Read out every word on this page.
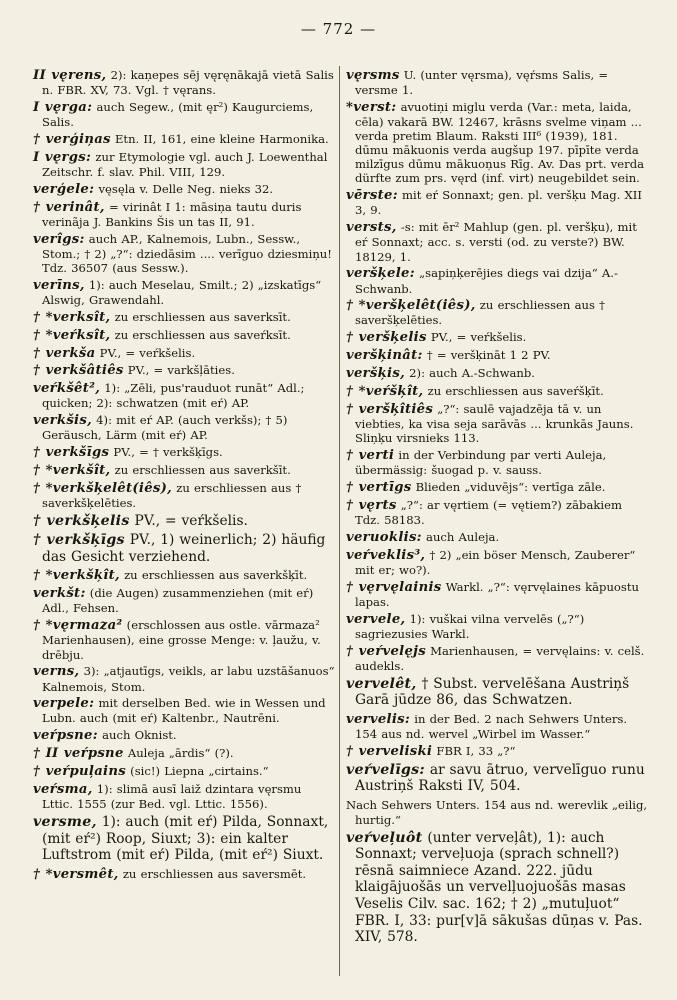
— 772 —
II vęrens, 2): kaņepes sēj vęręnākajā vietā Salis n. FBR. XV, 73. Vgl. † vęrans.
I vęrga: auch Segew., (mit ęr²) Kaugurciems, Salis.
† verģiņas Etn. II, 161, eine kleine Harmonika.
I vęrgs: zur Etymologie vgl. auch J. Loewenthal Zeitschr. f. slav. Phil. VIII, 129.
verģele: vęsęla v. Delle Neg. nieks 32.
† verinât, = virinât I 1: māsiņa tautu duris verinãja J. Bankins Šis un tas II, 91.
verîgs: auch AP., Kalnemois, Lubn., Sessw., Stom.; † 2) „?“: dziedāsim .... verīguo dziesmiņu! Tdz. 36507 (aus Sessw.).
verīns, 1): auch Meselau, Smilt.; 2) „izskatīgs“ Alswig, Grawendahl.
† *verksît, zu erschliessen aus saverksīt.
† *veŕksît, zu erschliessen aus saveŕksīt.
† verkša PV., = veŕkšelis.
† verkšâtiês PV., = varkšļāties.
veŕkšêt², 1): „Zēli, pus'rauduot runāt“ Adl.; quicken; 2): schwatzen (mit eŕ) AP.
verkšis, 4): mit eŕ AP. (auch verkšs); † 5) Geräusch, Lärm (mit eŕ) AP.
† verkšīgs PV., = † verkšķīgs.
† *verkšît, zu erschliessen aus saverkšīt.
† *verkšķelêt(iês), zu erschliessen aus † saverkšķelēties.
† verkšķelis PV., = veŕkšelis.
† verkšķīgs PV., 1) weinerlich; 2) häufig das Gesicht verziehend.
† *verkšķît, zu erschliessen aus saverkšķīt.
verkšt: (die Augen) zusammenziehen (mit eŕ) Adl., Fehsen.
† *vęrmaza² (erschlossen aus ostle. vārmaza² Marienhausen), eine grosse Menge: v. ļaužu, v. drēbju.
verns, 3): „atjautīgs, veikls, ar labu uzstāšanuos“ Kalnemois, Stom.
verpele: mit derselben Bed. wie in Wessen und Lubn. auch (mit eŕ) Kaltenbr., Nautrēni.
veŕpsne: auch Oknist.
† II veŕpsne Auleja „ārdis“ (?).
† veŕpuļains (sic!) Liepna „cirtains.“
veŕsma, 1): slimā ausī laiž dzintara vęrsmu Lttic. 1555 (zur Bed. vgl. Lttic. 1556).
versme, 1): auch (mit eŕ) Pilda, Sonnaxt, (mit eŕ²) Roop, Siuxt; 3): ein kalter Luftstrom (mit eŕ) Pilda, (mit eŕ²) Siuxt.
† *versmêt, zu erschliessen aus saversmēt.
vęrsms U. (unter vęrsma), vęŕsms Salis, = versme 1.
*verst: avuotiņi miglu verda (Var.: meta, laida, cēla) vakarā BW. 12467, krāsns svelme viņam ... verda pretim Blaum. Raksti III⁶ (1939), 181. dūmu mākuonis verda augšup 197. pīpīte verda milzīgus dūmu mākuoņus Rīg. Av. Das prt. verda dürfte zum prs. vęrd (inf. virt) neugebildet sein.
vērste: mit eŕ Sonnaxt; gen. pl. veršķu Mag. XII 3, 9.
versts, -s: mit ēr² Mahlup (gen. pl. veršķu), mit eŕ Sonnaxt; acc. s. versti (od. zu verste?) BW. 18129, 1.
veršķele: „sapiņķerējies diegs vai dzija“ A.-Schwanb.
† *veršķelêt(iês), zu erschliessen aus † saveršķelēties.
† veršķelis PV., = veŕkšelis.
veršķinât: † = veršķināt 1 2 PV.
veršķis, 2): auch A.-Schwanb.
† *veŕšķît, zu erschliessen aus saveŕšķīt.
† veršķîtiês „?“: saulē vajadzēja tā v. un viebties, ka visa seja sarāvās ... krunkās Jauns. Sliņķu virsnieks 113.
† verti in der Verbindung par verti Auleja, übermässig: šuogad p. v. sauss.
† vertīgs Blieden „viduvējs“: vertīga zāle.
† vęrts „?“: ar vęrtiem (= vętiem?) zābakiem Tdz. 58183.
veruoklis: auch Auleja.
veŕveklis³, † 2) „ein böser Mensch, Zauberer“ mit er; wo?).
† vęrvęlainis Warkl. „?“: vęrvęlaines kāpuostu lapas.
vervele, 1): vuškai vilna vervelēs („?“) sagriezusies Warkl.
† veŕvelęjs Marienhausen, = vervęlains: v. celš. audekls.
vervelêt, † Subst. vervelēšana Austriņš Garā jūdze 86, das Schwatzen.
vervelis: in der Bed. 2 nach Sehwers Unters. 154 aus nd. wervel „Wirbel im Wasser.“
† verveliski FBR I, 33 „?“
veŕvelīgs: ar savu ātruo, vervelīguo runu Austriņš Raksti IV, 504.
Nach Sehwers Unters. 154 aus nd. werevlik „eilig, hurtig.“
veŕveļuôt (unter verveļât), 1): auch Sonnaxt; verveļuoja (sprach schnell?) rēsnā saimniece Azand. 222. jūdu klaigājuošās un vervelļuojuošās masas Veselis Cilv. sac. 162; † 2) „mutuļuot“ FBR. I, 33: pur[v]ā sākušas dūņas v. Pas. XIV, 578.
